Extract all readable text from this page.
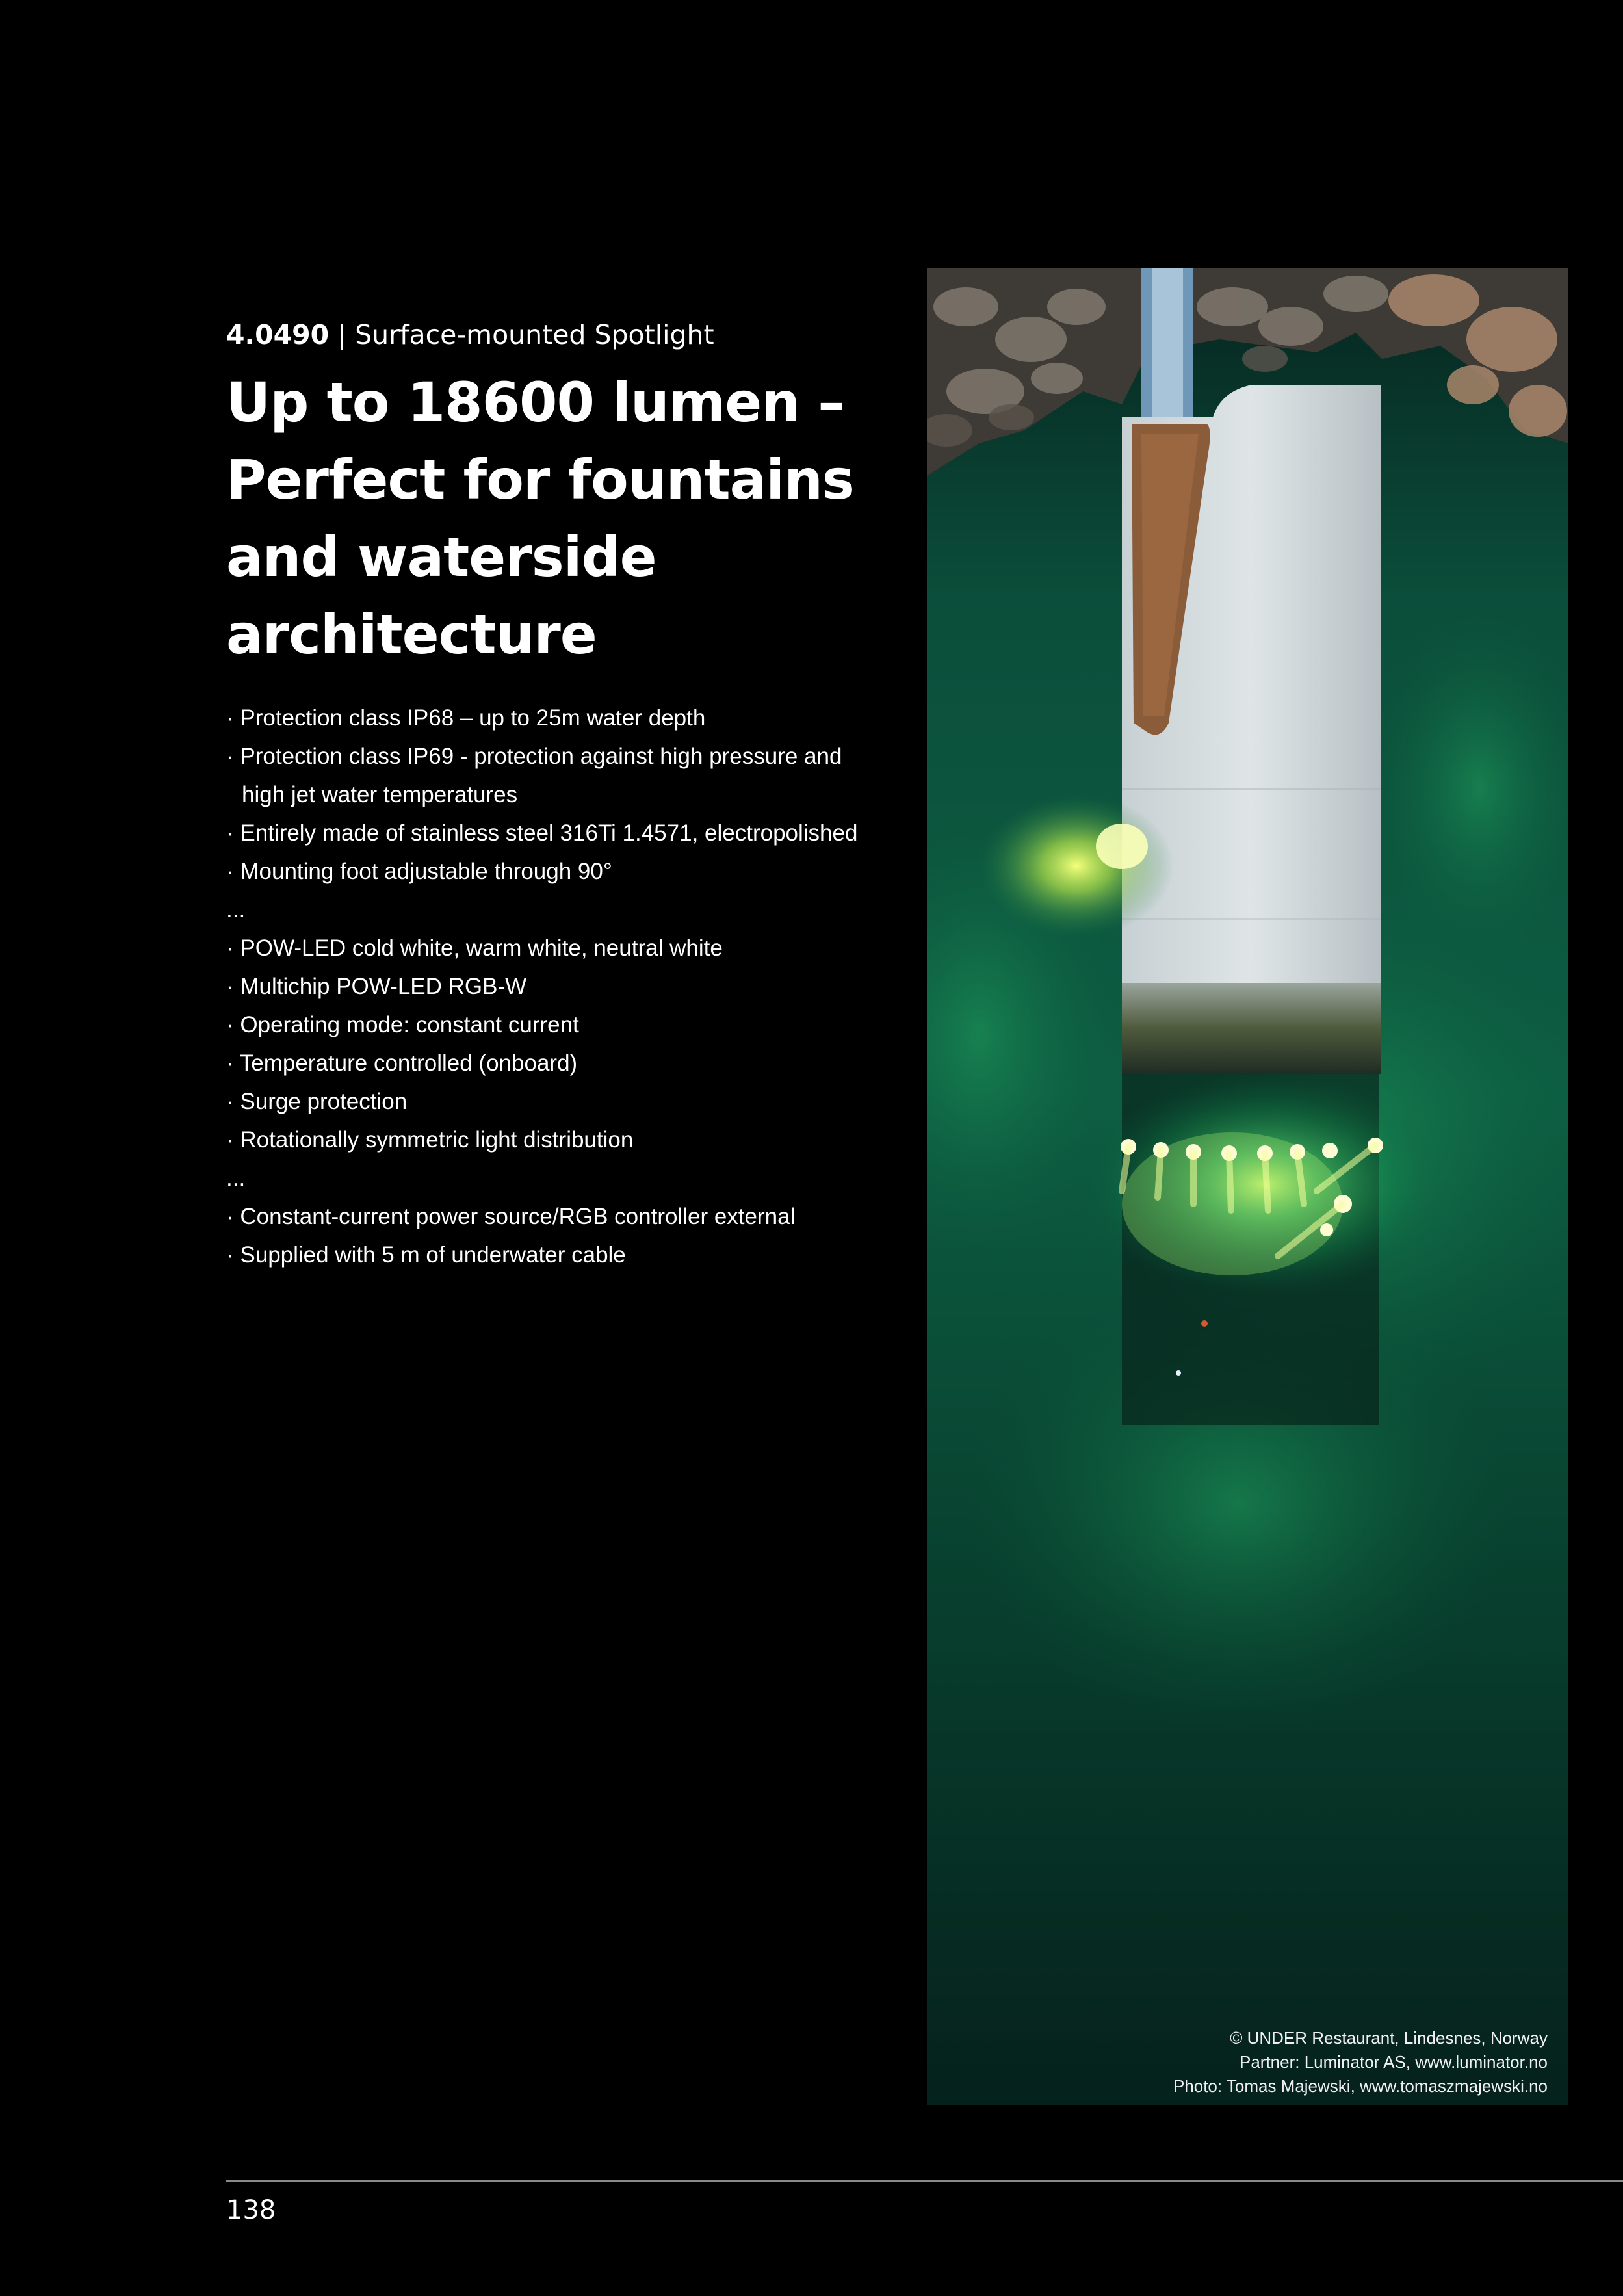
4.0490 | Surface-mounted Spotlight
Up to 18600 lumen –
Perfect for fountains
and waterside
architecture
· Protection class IP68 – up to 25m water depth
· Protection class IP69 - protection against high pressure and
high jet water temperatures
· Entirely made of stainless steel 316Ti 1.4571, electropolished
· Mounting foot adjustable through 90°
...
· POW-LED cold white, warm white, neutral white
· Multichip POW-LED RGB-W
· Operating mode: constant current
· Temperature controlled (onboard)
· Surge protection
· Rotationally symmetric light distribution
...
· Constant-current power source/RGB controller external
· Supplied with 5 m of underwater cable
© UNDER Restaurant, Lindesnes, Norway
Partner: Luminator AS, www.luminator.no
Photo: Tomas Majewski, www.tomaszmajewski.no
138
